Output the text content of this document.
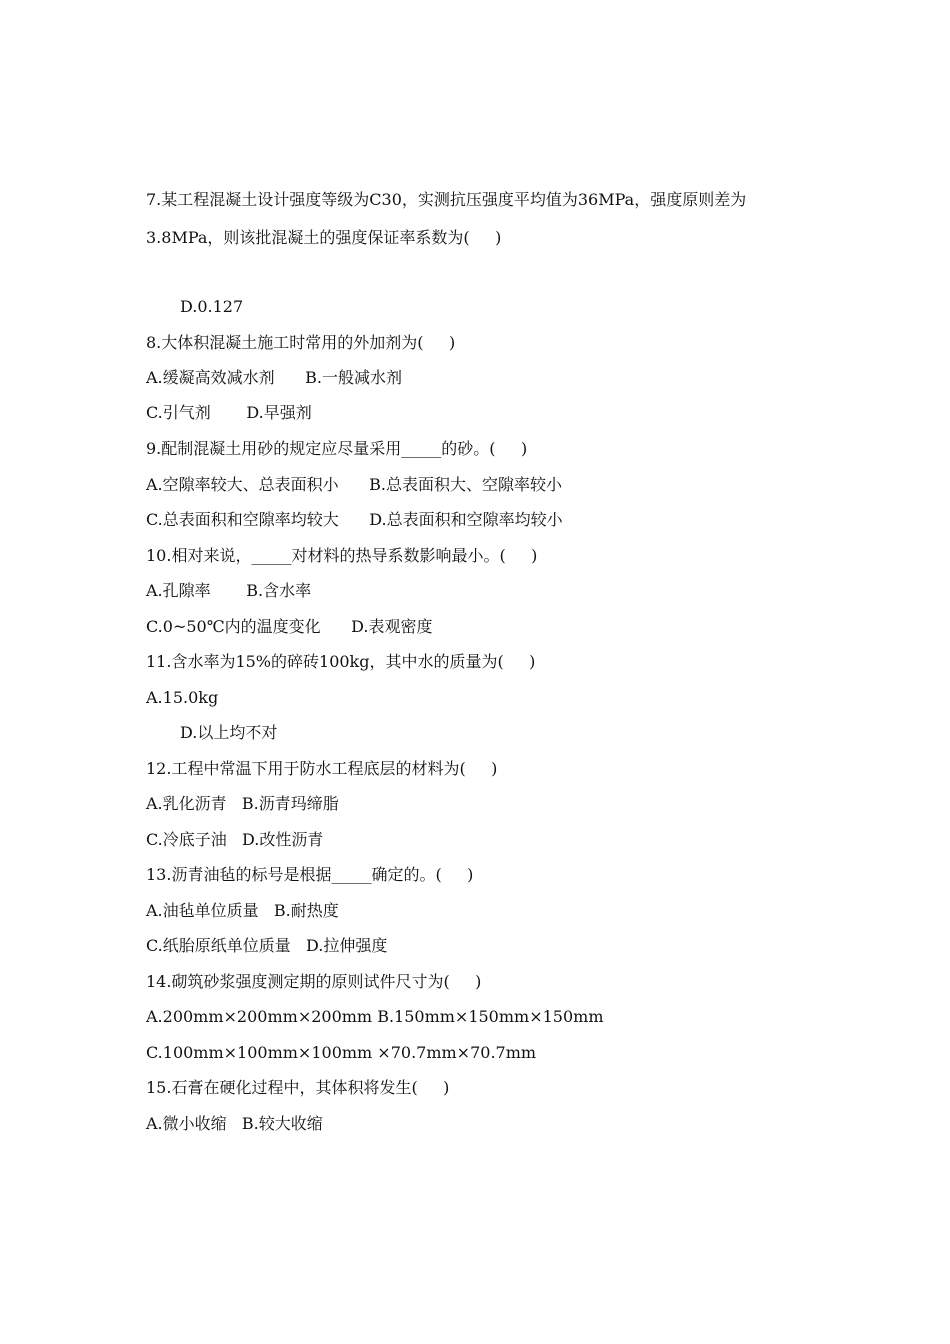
7.某工程混凝土设计强度等级为C30，实测抗压强度平均值为36MPa，强度原则差为
3.8MPa，则该批混凝土的强度保证率系数为(     )
D.0.127
8.大体积混凝土施工时常用的外加剂为(     )
A.缓凝高效减水剂      B.一般减水剂
C.引气剂       D.早强剂
9.配制混凝土用砂的规定应尽量采用_____的砂。(     )
A.空隙率较大、总表面积小      B.总表面积大、空隙率较小
C.总表面积和空隙率均较大      D.总表面积和空隙率均较小
10.相对来说，_____对材料的热导系数影响最小。(     )
A.孔隙率       B.含水率
C.0~50℃内的温度变化      D.表观密度
11.含水率为15%的碎砖100kg，其中水的质量为(     )
A.15.0kg
D.以上均不对
12.工程中常温下用于防水工程底层的材料为(     )
A.乳化沥青   B.沥青玛缔脂
C.冷底子油   D.改性沥青
13.沥青油毡的标号是根据_____确定的。(     )
A.油毡单位质量   B.耐热度
C.纸胎原纸单位质量   D.拉伸强度
14.砌筑砂浆强度测定期的原则试件尺寸为(     )
A.200mm×200mm×200mm B.150mm×150mm×150mm
C.100mm×100mm×100mm ×70.7mm×70.7mm
15.石膏在硬化过程中，其体积将发生(     )
A.微小收缩   B.较大收缩
